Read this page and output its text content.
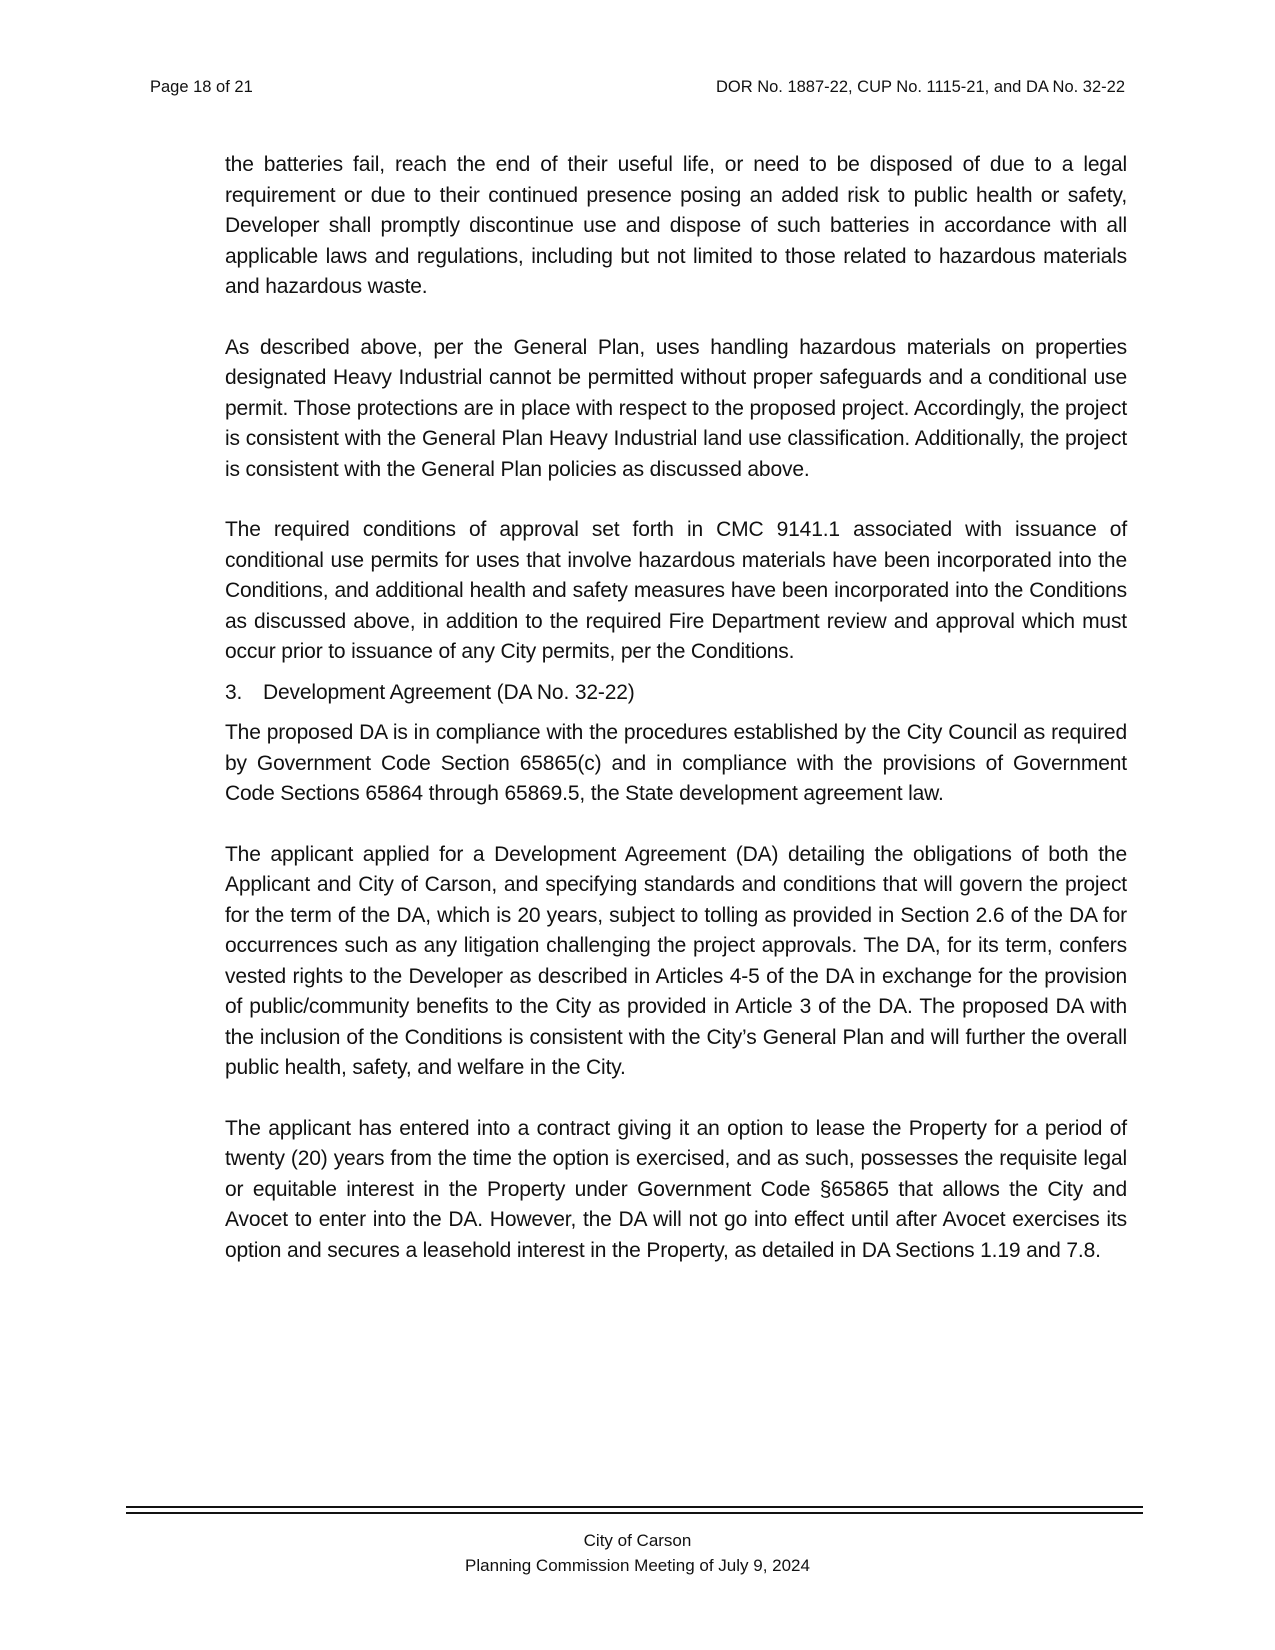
Page 18 of 21	DOR No. 1887-22, CUP No. 1115-21, and DA No. 32-22

the batteries fail, reach the end of their useful life, or need to be disposed of due to a legal requirement or due to their continued presence posing an added risk to public health or safety, Developer shall promptly discontinue use and dispose of such batteries in accordance with all applicable laws and regulations, including but not limited to those related to hazardous materials and hazardous waste.

As described above, per the General Plan, uses handling hazardous materials on properties designated Heavy Industrial cannot be permitted without proper safeguards and a conditional use permit. Those protections are in place with respect to the proposed project. Accordingly, the project is consistent with the General Plan Heavy Industrial land use classification. Additionally, the project is consistent with the General Plan policies as discussed above.

The required conditions of approval set forth in CMC 9141.1 associated with issuance of conditional use permits for uses that involve hazardous materials have been incorporated into the Conditions, and additional health and safety measures have been incorporated into the Conditions as discussed above, in addition to the required Fire Department review and approval which must occur prior to issuance of any City permits, per the Conditions.

3. Development Agreement (DA No. 32-22)

The proposed DA is in compliance with the procedures established by the City Council as required by Government Code Section 65865(c) and in compliance with the provisions of Government Code Sections 65864 through 65869.5, the State development agreement law.

The applicant applied for a Development Agreement (DA) detailing the obligations of both the Applicant and City of Carson, and specifying standards and conditions that will govern the project for the term of the DA, which is 20 years, subject to tolling as provided in Section 2.6 of the DA for occurrences such as any litigation challenging the project approvals. The DA, for its term, confers vested rights to the Developer as described in Articles 4-5 of the DA in exchange for the provision of public/community benefits to the City as provided in Article 3 of the DA. The proposed DA with the inclusion of the Conditions is consistent with the City’s General Plan and will further the overall public health, safety, and welfare in the City.

The applicant has entered into a contract giving it an option to lease the Property for a period of twenty (20) years from the time the option is exercised, and as such, possesses the requisite legal or equitable interest in the Property under Government Code §65865 that allows the City and Avocet to enter into the DA. However, the DA will not go into effect until after Avocet exercises its option and secures a leasehold interest in the Property, as detailed in DA Sections 1.19 and 7.8.

City of Carson
Planning Commission Meeting of July 9, 2024
